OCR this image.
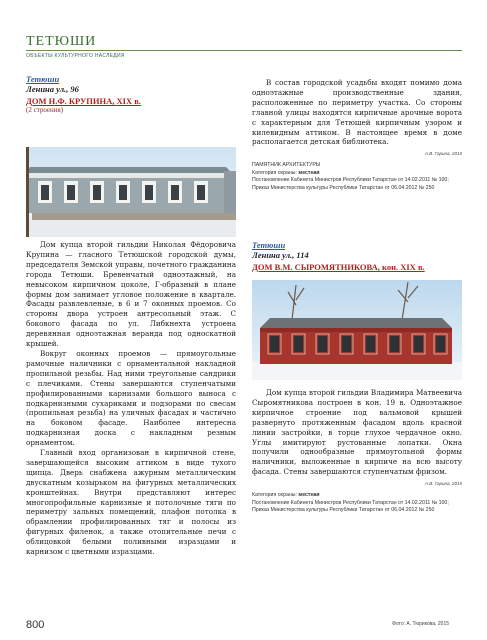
ТЕТЮШИ
ОБЪЕКТЫ КУЛЬТУРНОГО НАСЛЕДИЯ
Тетюши
Ленина ул., 96
ДОМ Н.Ф. КРУПИНА, XIX в.
(2 строения)

В состав городской усадьбы входят помимо дома одноэтажные производственные здания, расположенные по периметру участка. Со стороны главной улицы находятся кирпичные арочные ворота с характерным для Тетюшей кирпичным узором и килевидным аттиком. В настоящее время в доме располагается детская библиотека.

А.В. Гарина, 2015
ПАМЯТНИК АРХИТЕКТУРЫ
Категория охраны: местная
Постановление Кабинета Министров Республики Татарстан от 14.02.2011 № 100; Приказ Министерства культуры Республики Татарстан от 06.04.2012 № 250

Дом купца второй гильдии Николая Фёдоровича Крупина — гласного Тетюшской городской думы, председателя Земской управы, почетного гражданина города Тетюши. Бревенчатый одноэтажный, на невысоком кирпичном цоколе, Г-образный в плане формы дом занимает угловое положение в квартале. Фасады развлевленые, в 6 и 7 оконных проемов. Со стороны двора устроен антресольный этаж. С бокового фасада по ул. Либкнехта устроена деревянная одноэтажная веранда под односкатной крышей.

Вокруг оконных проемов — прямоугольные рамочные наличники с орнаментальной накладной пропильной резьбы. Над ними треугольные сандрики с плечиками. Стены завершаются ступенчатыми профилированными карнизами большого выноса с подкарнизными сухариками и подзорами по свесам (пропильная резьба) на уличных фасадах и частично на боковом фасаде. Наиболее интересна подкарнизная доска с накладным резным орнаментом.

Главный вход организован в кирпичной стене, завершающейся высоким аттиком в виде тухого щипца. Дверь снабжена ажурным металлическим двускатным козырьком на фигурных металлических кронштейнах. Внутри представляют интерес многопрофильные карнизные и потолочные тяги по периметру зальных помещений, плафон потолка в обрамлении профилированных тяг и полосы из фигурных филенок, а также отопительные печи с облицовкой белыми поливными изразцами и карнизом с цветными изразцами.

Тетюши
Ленина ул., 114
ДОМ В.М. СЫРОМЯТНИКОВА, кон. XIX в.

Дом купца второй гильдии Владимира Матвеевича Сыромятникова построен в кон. 19 в. Одноэтажное кирпичное строение под вальмовой крышей развернуто протяженным фасадом вдоль красной линии застройки, в торце глухое чердачное окно. Углы имитируют рустованные лопатки. Окна получили однообразные прямоугольной формы наличники, выложенные в кирпиче на всю высоту фасада. Стены завершаются ступенчатым фризом.

А.В. Гарина, 2015
Категория охраны: местная
Постановление Кабинета Министров Республики Татарстан от 14.02.2011 № 100; Приказ Министерства культуры Республики Татарстан от 06.04.2012 № 250
800	Фото: А. Тюрикова, 2015
